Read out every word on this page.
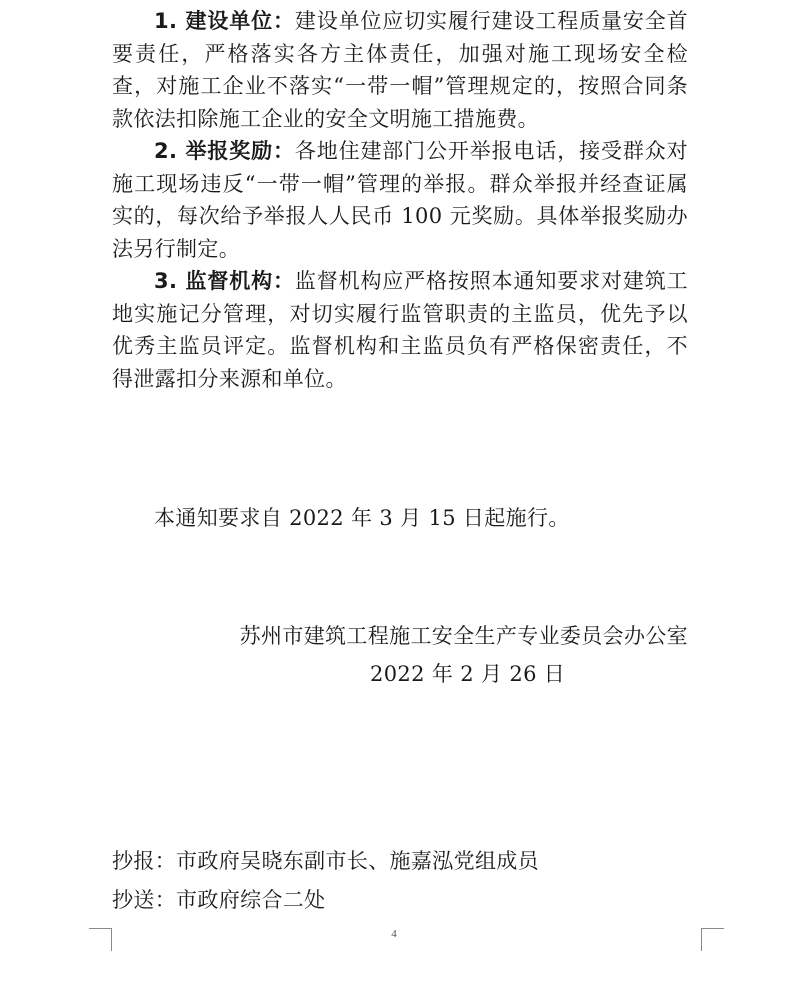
1. 建设单位：建设单位应切实履行建设工程质量安全首要责任，严格落实各方主体责任，加强对施工现场安全检查，对施工企业不落实“一带一帽”管理规定的，按照合同条款依法扣除施工企业的安全文明施工措施费。

2. 举报奖励：各地住建部门公开举报电话，接受群众对施工现场违反“一带一帽”管理的举报。群众举报并经查证属实的，每次给予举报人人民币 100 元奖励。具体举报奖励办法另行制定。

3. 监督机构：监督机构应严格按照本通知要求对建筑工地实施记分管理，对切实履行监管职责的主监员，优先予以优秀主监员评定。监督机构和主监员负有严格保密责任，不得泄露扣分来源和单位。

本通知要求自 2022 年 3 月 15 日起施行。
苏州市建筑工程施工安全生产专业委员会办公室
2022 年 2 月 26 日
抄报：市政府吴晓东副市长、施嘉泓党组成员
抄送：市政府综合二处
4
